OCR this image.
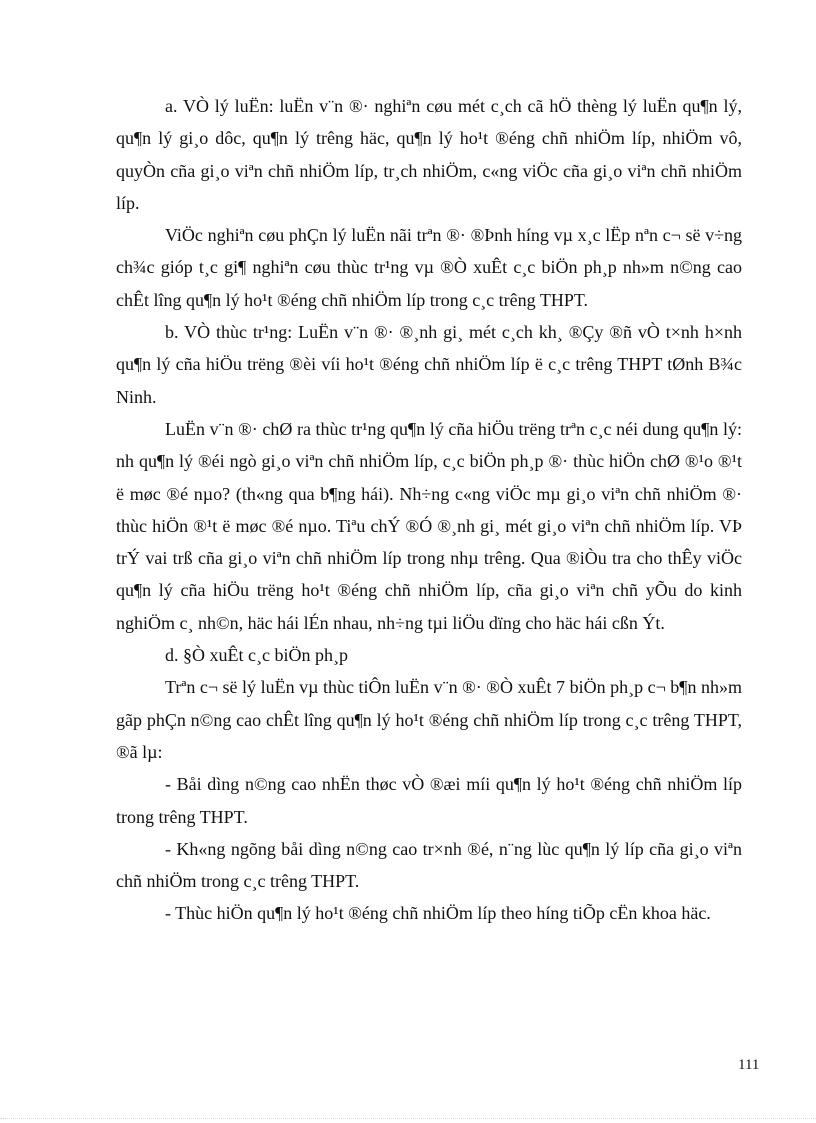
a. VÒ lý luËn: luËn v¨n ®· nghiªn cøu mét c¸ch cã hÖ thèng lý luËn qu¶n lý, qu¶n lý gi¸o dôc, qu¶n lý trêng häc, qu¶n lý ho¹t ®éng chñ nhiÖm líp, nhiÖm vô, quyÒn cña gi¸o viªn chñ nhiÖm líp, tr¸ch nhiÖm, c«ng viÖc cña gi¸o viªn chñ nhiÖm líp.

ViÖc nghiªn cøu phÇn lý luËn nãi trªn ®· ®Þnh híng vµ x¸c lËp nªn c¬ së v÷ng ch¾c gióp t¸c gi¶ nghiªn cøu thùc tr¹ng vµ ®Ò xuÊt c¸c biÖn ph¸p nh»m n©ng cao chÊt lîng qu¶n lý ho¹t ®éng chñ nhiÖm líp trong c¸c trêng THPT.

b. VÒ thùc tr¹ng: LuËn v¨n ®· ®¸nh gi¸ mét c¸ch kh¸ ®Çy ®ñ vÒ t×nh h×nh qu¶n lý cña hiÖu trëng ®èi víi ho¹t ®éng chñ nhiÖm líp ë c¸c trêng THPT tØnh B¾c Ninh.

LuËn v¨n ®· chØ ra thùc tr¹ng qu¶n lý cña hiÖu trëng trªn c¸c néi dung qu¶n lý: nh qu¶n lý ®éi ngò gi¸o viªn chñ nhiÖm líp, c¸c biÖn ph¸p ®· thùc hiÖn chØ ®¹o ®¹t ë møc ®é nµo? (th«ng qua b¶ng hái). Nh÷ng c«ng viÖc mµ gi¸o viªn chñ nhiÖm ®· thùc hiÖn ®¹t ë møc ®é nµo. Tiªu chÝ ®Ó ®¸nh gi¸ mét gi¸o viªn chñ nhiÖm líp. VÞ trÝ vai trß cña gi¸o viªn chñ nhiÖm líp trong nhµ trêng. Qua ®iÒu tra cho thÊy viÖc qu¶n lý cña hiÖu trëng ho¹t ®éng chñ nhiÖm líp, cña gi¸o viªn chñ yÕu do kinh nghiÖm c¸ nh©n, häc hái lÉn nhau, nh÷ng tµi liÖu dïng cho häc hái cßn Ýt.

d. §Ò xuÊt c¸c biÖn ph¸p

Trªn c¬ së lý luËn vµ thùc tiÔn luËn v¨n ®· ®Ò xuÊt 7 biÖn ph¸p c¬ b¶n nh»m gãp phÇn n©ng cao chÊt lîng qu¶n lý ho¹t ®éng chñ nhiÖm líp trong c¸c trêng THPT, ®ã lµ:

- Båi dìng n©ng cao nhËn thøc vÒ ®æi míi qu¶n lý ho¹t ®éng chñ nhiÖm líp trong trêng THPT.

- Kh«ng ngõng båi dìng n©ng cao tr×nh ®é, n¨ng lùc qu¶n lý líp cña gi¸o viªn chñ nhiÖm trong c¸c trêng THPT.

- Thùc hiÖn qu¶n lý ho¹t ®éng chñ nhiÖm líp theo híng tiÕp cËn khoa häc.

111
